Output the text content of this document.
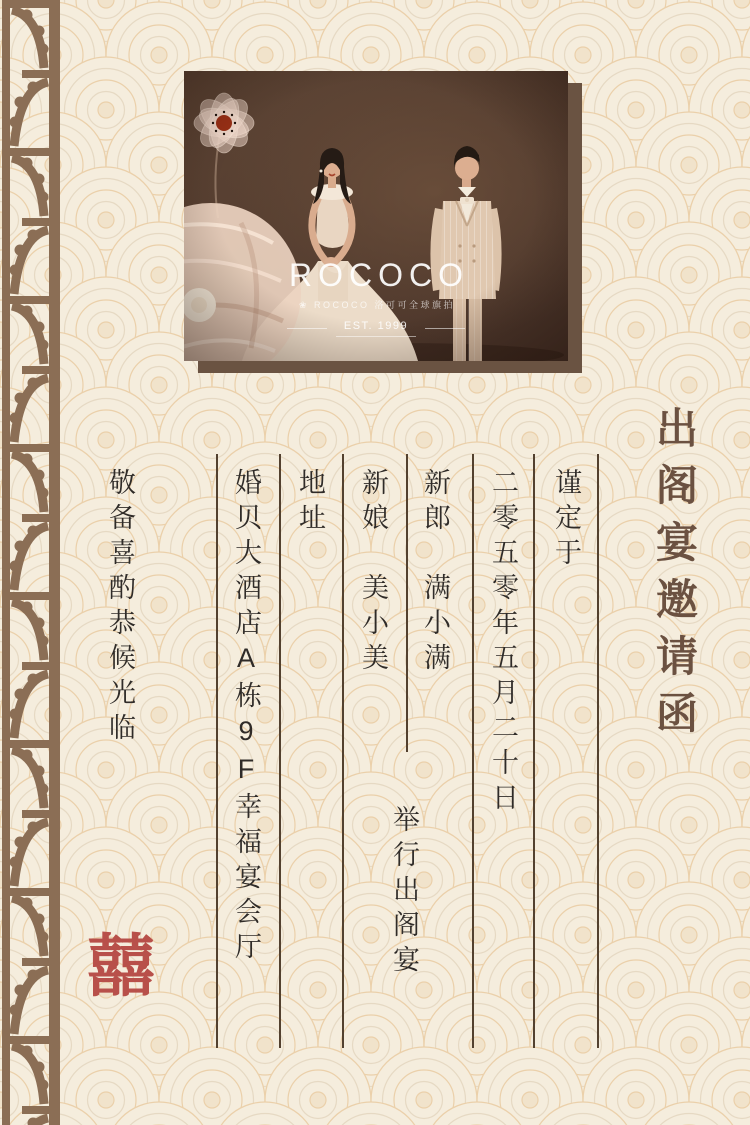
ROCOCO
❀ ROCOCO 洛可可全球旗拍
EST. 1999
出阁宴邀请函
谨定于
二零五零年五月二十日
新郎满小满
新娘美小美
举行出阁宴
地址
婚贝大酒店A栋9F幸福宴会厅
敬备喜酌恭候光临
囍
